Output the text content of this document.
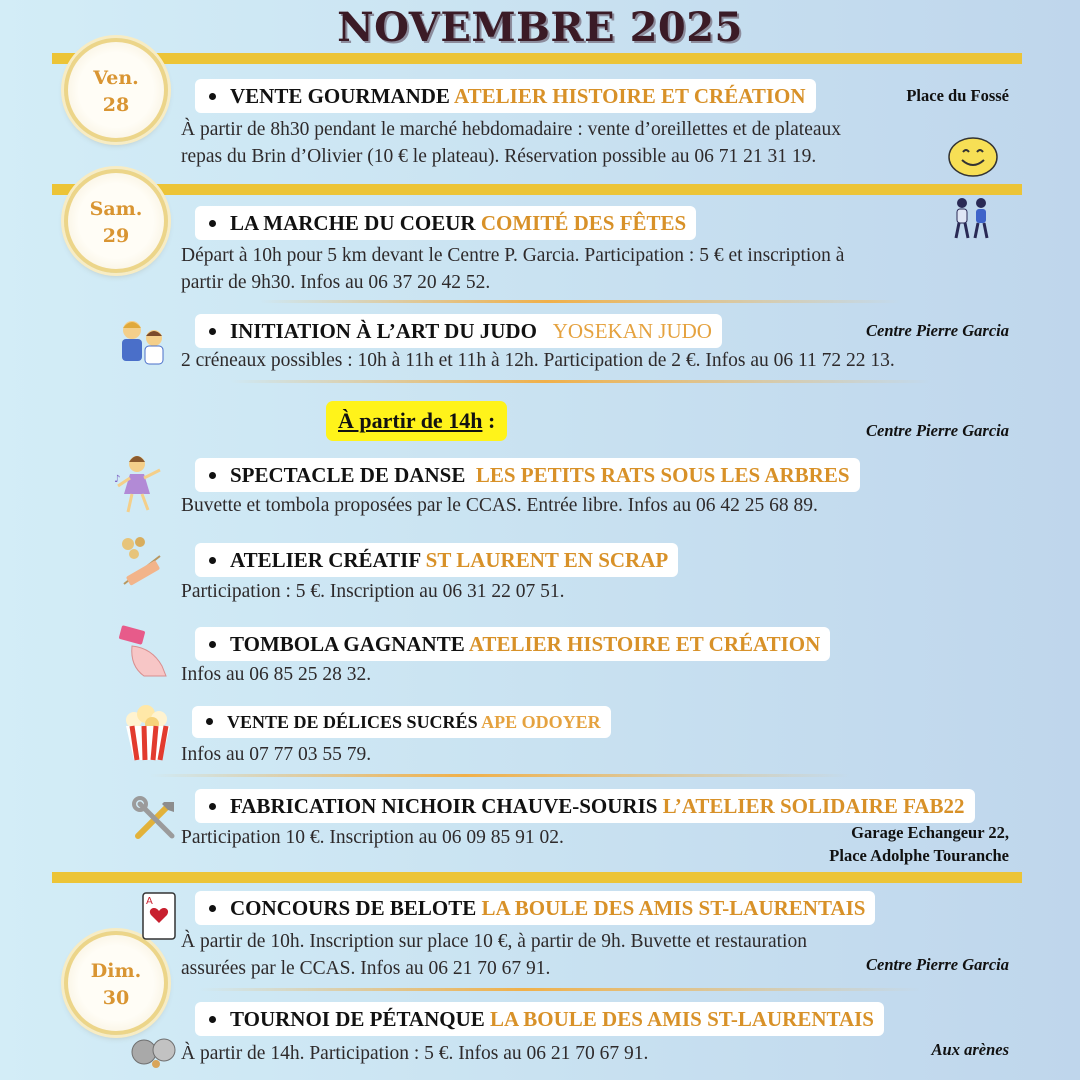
NOVEMBRE 2025
Ven.
28
Sam.
29
Dim.
30
VENTE GOURMANDE ATELIER HISTOIRE ET CRÉATION	Place du Fossé
À partir de 8h30 pendant le marché hebdomadaire : vente d’oreillettes et de plateaux
repas du Brin d’Olivier (10 € le plateau). Réservation possible au 06 71 21 31 19.
LA MARCHE DU COEUR COMITÉ DES FÊTES
Départ à 10h pour 5 km devant le Centre P. Garcia. Participation : 5 € et inscription à
partir de 9h30. Infos au 06 37 20 42 52.
INITIATION À L’ART DU JUDO YOSEKAN JUDO	Centre Pierre Garcia
2 créneaux possibles : 10h à 11h et 11h à 12h. Participation de 2 €. Infos au 06 11 72 22 13.
À partir de 14h :	Centre Pierre Garcia
♪	SPECTACLE DE DANSE LES PETITS RATS SOUS LES ARBRES
Buvette et tombola proposées par le CCAS. Entrée libre. Infos au 06 42 25 68 89.
ATELIER CRÉATIF ST LAURENT EN SCRAP
Participation : 5 €. Inscription au 06 31 22 07 51.
TOMBOLA GAGNANTE ATELIER HISTOIRE ET CRÉATION
Infos au 06 85 25 28 32.
VENTE DE DÉLICES SUCRÉS APE ODOYER
Infos au 07 77 03 55 79.
FABRICATION NICHOIR CHAUVE-SOURIS L’ATELIER SOLIDAIRE FAB22
Participation 10 €. Inscription au 06 09 85 91 02.	Garage Echangeur 22,
Place Adolphe Touranche
A	CONCOURS DE BELOTE LA BOULE DES AMIS ST-LAURENTAIS
À partir de 10h. Inscription sur place 10 €, à partir de 9h. Buvette et restauration
assurées par le CCAS. Infos au 06 21 70 67 91.	Centre Pierre Garcia
TOURNOI DE PÉTANQUE LA BOULE DES AMIS ST-LAURENTAIS
À partir de 14h. Participation : 5 €. Infos au 06 21 70 67 91.	Aux arènes
